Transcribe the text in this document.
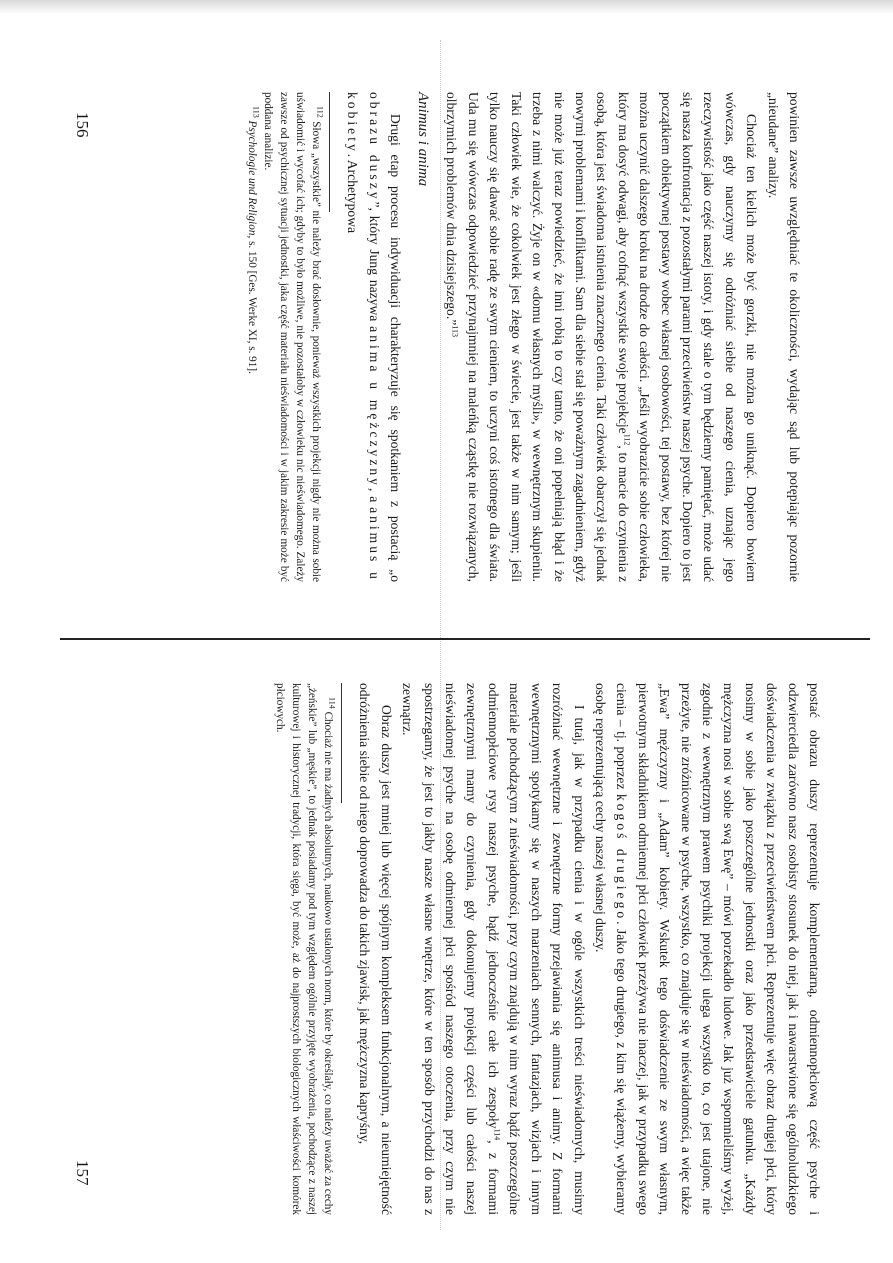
powinien zawsze uwzględniać te okoliczności, wydając sąd lub potępiając pozornie „nieudane” analizy.

Chociaż ten kielich może być gorzki, nie można go uniknąć. Dopiero bowiem wówczas, gdy nauczymy się odróżniać siebie od naszego cienia, uznając jego rzeczywistość jako część naszej istoty, i gdy stale o tym będziemy pamiętać, może udać się nasza konfrontacja z pozostałymi parami przeciwieństw naszej psyche. Dopiero to jest początkiem obiektywnej postawy wobec własnej osobowości, tej postawy, bez której nie można uczynić dalszego kroku na drodze do całości. „Jeśli wyobrazicie sobie człowieka, który ma dosyć odwagi, aby cofnąć wszystkie swoje projekcje$^{112}$, to macie do czynienia z osobą, która jest świadoma istnienia znacznego cienia. Taki człowiek obarczył się jednak nowymi problemami i konfliktami. Sam dla siebie stał się poważnym zagadnieniem, gdyż nie może już teraz powiedzieć, że inni robią to czy tamto, że oni popełniają błąd i że trzeba z nimi walczyć. Żyje on w «domu własnych myśli», w wewnętrznym skupieniu. Taki człowiek wie, że cokolwiek jest złego w świecie, jest także w nim samym; jeśli tylko nauczy się dawać sobie radę ze swym cieniem, to uczyni coś istotnego dla świata. Uda mu się wówczas odpowiedzieć przynajmniej na maleńką cząstkę nie rozwiązanych, olbrzymich problemów dnia dzisiejszego.”$^{113}$

Animus i anima

Drugi etap procesu indywiduacji charakteryzuje się spotkaniem z postacią „o obrazu duszy”, który Jung nazywa anima u mężczyzny, a animus u kobiety. Archetypowa

$^{112}$ Słowa „wszystkie” nie należy brać dosłownie, ponieważ wszystkich projekcji nigdy nie można sobie uświadomić i wycofać ich; gdyby to było możliwe, nie pozostałoby w człowieku nic nieświadomego. Zależy zawsze od psychicznej sytuacji jednostki, jaka część materiału nieświadomości i w jakim zakresie może być poddana analizie.

$^{113}$ Psychologie und Religion, s. 150 [Ges. Werke XI, s. 91].

156

postać obrazu duszy reprezentuje komplementarną, odmiennopłciową część psyche i odzwierciedla zarówno nasz osobisty stosunek do niej, jak i nawarstwione się ogólnoludzkiego doświadczenia w związku z przeciwieństwem płci. Reprezentuje więc obraz drugiej płci, który nosimy w sobie jako poszczególne jednostki oraz jako przedstawiciele gatunku. „Każdy mężczyzna nosi w sobie swą Ewę” – mówi porzekadło ludowe. Jak już wspomnieliśmy wyżej, zgodnie z wewnętrznym prawem psychiki projekcji ulega wszystko to, co jest utajone, nie przeżyte, nie zróżnicowane w psyche, wszystko, co znajduje się w nieświadomości, a więc także „Ewa” mężczyzny i „Adam” kobiety. Wskutek tego doświadczenie ze swym własnym, pierwotnym składnikiem odmiennej płci człowiek przeżywa nie inaczej, jak w przypadku swego cienia – tj. poprzez kogoś drugiego. Jako tego drugiego, z kim się wiążemy, wybieramy osobę reprezentującą cechy naszej własnej duszy.

I tutaj, jak w przypadku cienia i w ogóle wszystkich treści nieświadomych, musimy rozróżniać wewnętrzne i zewnętrzne formy przejawiania się animusa i animy. Z formami wewnętrznymi spotykamy się w naszych marzeniach sennych, fantazjach, wizjach i innym materiale pochodzącym z nieświadomości, przy czym znajdują w nim wyraz bądź poszczególne odmiennopłciowe rysy naszej psyche, bądź jednocześnie całe ich zespoły$^{114}$, z formami zewnętrznymi mamy do czynienia, gdy dokonujemy projekcji części lub całości naszej nieświadomej psyche na osobę odmiennej płci spośród naszego otoczenia, przy czym nie spostrzegamy, że jest to jakby nasze własne wnętrze, które w ten sposób przychodzi do nas z zewnątrz.

Obraz duszy jest mniej lub więcej spójnym kompleksem funkcjonalnym, a nieumiejętność odróżnienia siebie od niego doprowadza do takich zjawisk, jak mężczyzna kapryśny,

$^{114}$ Chociaż nie ma żadnych absolutnych, naukowo ustalonych norm, które by określały, co należy uważać za cechy „żeńskie” lub „męskie”, to jednak posiadamy pod tym względem ogólnie przyjęte wyobrażenia, pochodzące z naszej kulturowej i historycznej tradycji, która sięga, być może, aż do najprostszych biologicznych właściwości komórek płciowych.

157
